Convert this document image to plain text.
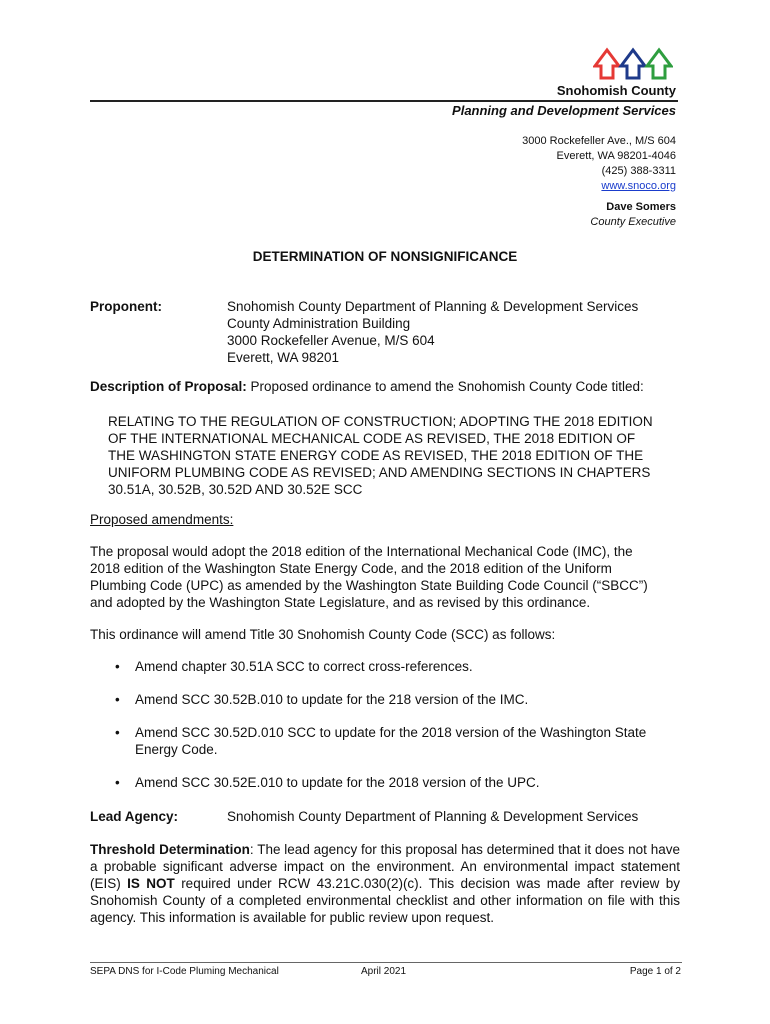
Snohomish County
Planning and Development Services
3000 Rockefeller Ave., M/S 604
Everett, WA 98201-4046
(425) 388-3311
www.snoco.org
Dave Somers
County Executive
DETERMINATION OF NONSIGNIFICANCE
Proponent:	Snohomish County Department of Planning & Development Services
County Administration Building
3000 Rockefeller Avenue, M/S 604
Everett, WA 98201
Description of Proposal: Proposed ordinance to amend the Snohomish County Code titled:
RELATING TO THE REGULATION OF CONSTRUCTION; ADOPTING THE 2018 EDITION
OF THE INTERNATIONAL MECHANICAL CODE AS REVISED, THE 2018 EDITION OF
THE WASHINGTON STATE ENERGY CODE AS REVISED, THE 2018 EDITION OF THE
UNIFORM PLUMBING CODE AS REVISED; AND AMENDING SECTIONS IN CHAPTERS
30.51A, 30.52B, 30.52D AND 30.52E SCC
Proposed amendments:
The proposal would adopt the 2018 edition of the International Mechanical Code (IMC), the
2018 edition of the Washington State Energy Code, and the 2018 edition of the Uniform
Plumbing Code (UPC) as amended by the Washington State Building Code Council (“SBCC”)
and adopted by the Washington State Legislature, and as revised by this ordinance.
This ordinance will amend Title 30 Snohomish County Code (SCC) as follows:
• Amend chapter 30.51A SCC to correct cross-references.
• Amend SCC 30.52B.010 to update for the 218 version of the IMC.
• Amend SCC 30.52D.010 SCC to update for the 2018 version of the Washington State Energy Code.
• Amend SCC 30.52E.010 to update for the 2018 version of the UPC.
Lead Agency:	Snohomish County Department of Planning & Development Services
Threshold Determination: The lead agency for this proposal has determined that it does not have a probable significant adverse impact on the environment. An environmental impact statement (EIS) IS NOT required under RCW 43.21C.030(2)(c). This decision was made after review by Snohomish County of a completed environmental checklist and other information on file with this agency. This information is available for public review upon request.
SEPA DNS for I-Code Pluming Mechanical	April 2021	Page 1 of 2
